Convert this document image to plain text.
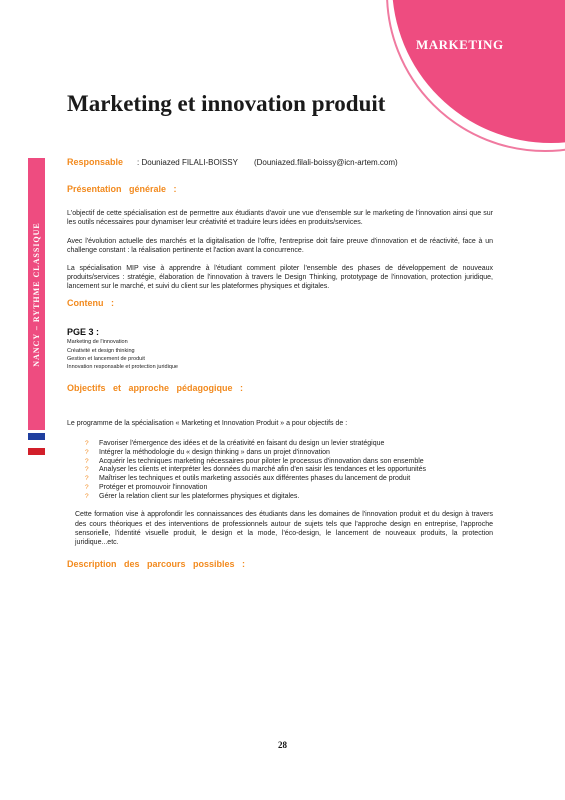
MARKETING
Marketing et innovation produit
NANCY – RYTHME CLASSIQUE
Responsable : Douniazed FILALI-BOISSY (Douniazed.filali-boissy@icn-artem.com)
Présentation générale :

L'objectif de cette spécialisation est de permettre aux étudiants d'avoir une vue d'ensemble sur le marketing de l'innovation ainsi que sur les outils nécessaires pour dynamiser leur créativité et traduire leurs idées en produits/services.

Avec l'évolution actuelle des marchés et la digitalisation de l'offre, l'entreprise doit faire preuve d'innovation et de réactivité, face à un challenge constant : la réalisation pertinente et l'action avant la concurrence.

La spécialisation MIP vise à apprendre à l'étudiant comment piloter l'ensemble des phases de développement de nouveaux produits/services : stratégie, élaboration de l'innovation à travers le Design Thinking, prototypage de l'innovation, protection juridique, lancement sur le marché, et suivi du client sur les plateformes physiques et digitales.

Contenu :
PGE 3 :
Marketing de l'innovation
Créativité et design thinking
Gestion et lancement de produit
Innovation responsable et protection juridique
Objectifs et approche pédagogique :

Le programme de la spécialisation « Marketing et Innovation Produit » a pour objectifs de :

? Favoriser l'émergence des idées et de la créativité en faisant du design un levier stratégique
? Intégrer la méthodologie du « design thinking » dans un projet d'innovation
? Acquérir les techniques marketing nécessaires pour piloter le processus d'innovation dans son ensemble
? Analyser les clients et interpréter les données du marché afin d'en saisir les tendances et les opportunités
? Maîtriser les techniques et outils marketing associés aux différentes phases du lancement de produit
? Protéger et promouvoir l'innovation
? Gérer la relation client sur les plateformes physiques et digitales.

Cette formation vise à approfondir les connaissances des étudiants dans les domaines de l'innovation produit et du design à travers des cours théoriques et des interventions de professionnels autour de sujets tels que l'approche design en entreprise, l'approche sensorielle, l'identité visuelle produit, le design et la mode, l'éco-design, le lancement de nouveaux produits, la protection juridique...etc.

Description des parcours possibles :
28
